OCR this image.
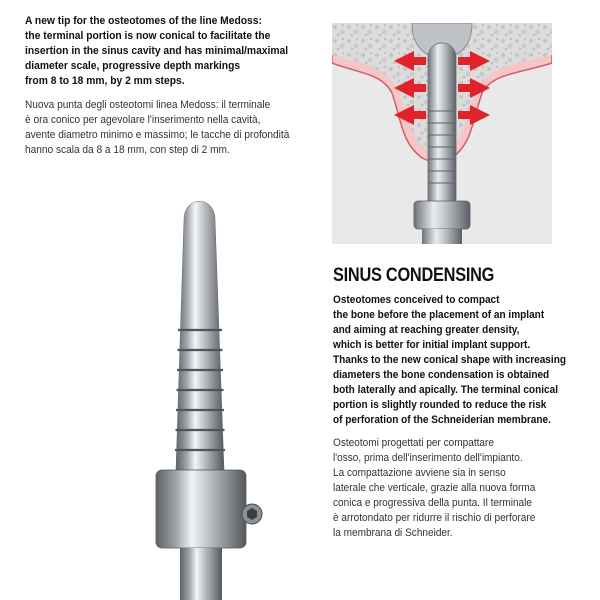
A new tip for the osteotomes of the line Medoss:
the terminal portion is now conical to facilitate the
insertion in the sinus cavity and has minimal/maximal
diameter scale, progressive depth markings
from 8 to 18 mm, by 2 mm steps.
Nuova punta degli osteotomi linea Medoss: il terminale
è ora conico per agevolare l'inserimento nella cavità,
avente diametro minimo e massimo; le tacche di profondità
hanno scala da 8 a 18 mm, con step di 2 mm.
SINUS CONDENSING
Osteotomes conceived to compact
the bone before the placement of an implant
and aiming at reaching greater density,
which is better for initial implant support.
Thanks to the new conical shape with increasing
diameters the bone condensation is obtained
both laterally and apically. The terminal conical
portion is slightly rounded to reduce the risk
of perforation of the Schneiderian membrane.
Osteotomi progettati per compattare
l'osso, prima dell'inserimento dell'impianto.
La compattazione avviene sia in senso
laterale che verticale, grazie alla nuova forma
conica e progressiva della punta. Il terminale
è arrotondato per ridurre il rischio di perforare
la membrana di Schneider.
